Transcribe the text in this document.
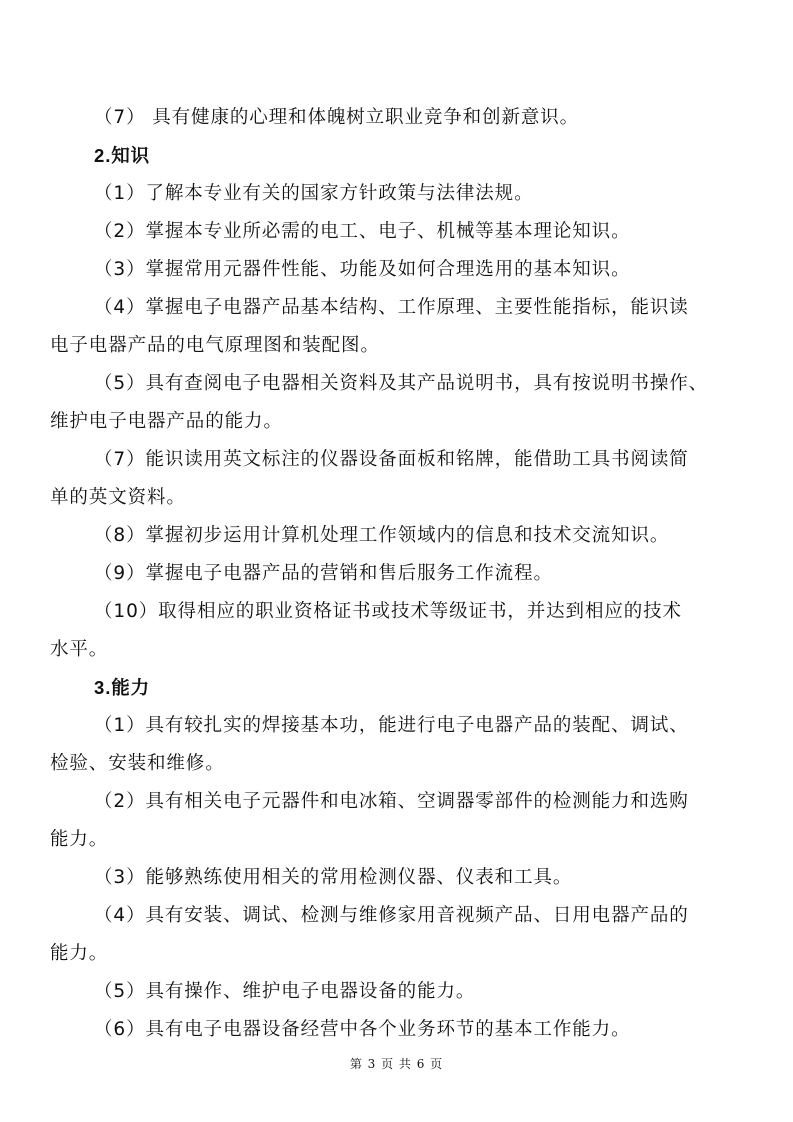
（7） 具有健康的心理和体魄树立职业竞争和创新意识。
2.知识
（1）了解本专业有关的国家方针政策与法律法规。
（2）掌握本专业所必需的电工、电子、机械等基本理论知识。
（3）掌握常用元器件性能、功能及如何合理选用的基本知识。
（4）掌握电子电器产品基本结构、工作原理、主要性能指标，能识读
电子电器产品的电气原理图和装配图。
（5）具有查阅电子电器相关资料及其产品说明书，具有按说明书操作、
维护电子电器产品的能力。
（7）能识读用英文标注的仪器设备面板和铭牌，能借助工具书阅读简
单的英文资料。
（8）掌握初步运用计算机处理工作领域内的信息和技术交流知识。
（9）掌握电子电器产品的营销和售后服务工作流程。
（10）取得相应的职业资格证书或技术等级证书，并达到相应的技术
水平。
3.能力
（1）具有较扎实的焊接基本功，能进行电子电器产品的装配、调试、
检验、安装和维修。
（2）具有相关电子元器件和电冰箱、空调器零部件的检测能力和选购
能力。
（3）能够熟练使用相关的常用检测仪器、仪表和工具。
（4）具有安装、调试、检测与维修家用音视频产品、日用电器产品的
能力。
（5）具有操作、维护电子电器设备的能力。
（6）具有电子电器设备经营中各个业务环节的基本工作能力。
第 3 页 共 6 页
